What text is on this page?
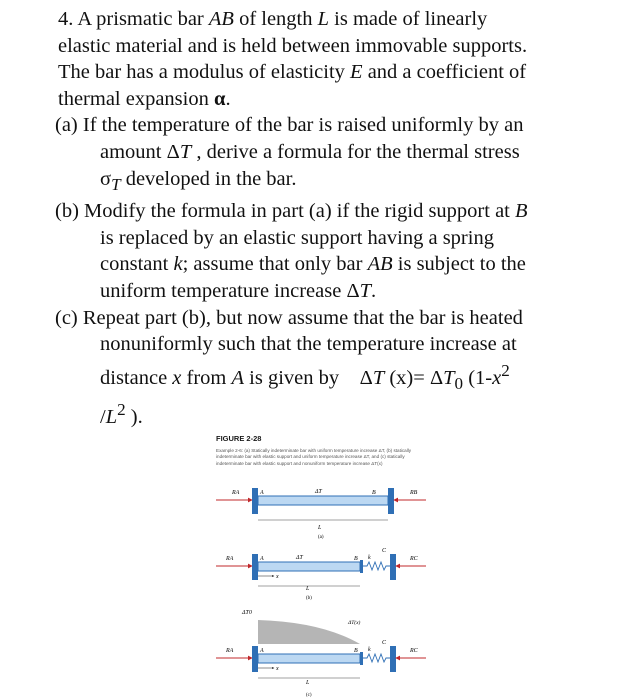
4. A prismatic bar AB of length L is made of linearly
elastic material and is held between immovable supports.
The bar has a modulus of elasticity E and a coefficient of
thermal expansion α.
(a) If the temperature of the bar is raised uniformly by an
amount ΔT , derive a formula for the thermal stress
$\sigma_T$ developed in the bar.
(b) Modify the formula in part (a) if the rigid support at B
is replaced by an elastic support having a spring
constant k; assume that only bar AB is subject to the
uniform temperature increase ΔT.
(c) Repeat part (b), but now assume that the bar is heated
nonuniformly such that the temperature increase at
distance x from A is given by    ΔT $(x)= \Delta T_0$ ($1-x^2$
$/L^2$ ).
FIGURE 2-28
Example 2-6: (a) Statically indeterminate bar with uniform temperature increase ΔT, (b) statically indeterminate bar with elastic support and uniform temperature increase ΔT, and (c) statically indeterminate bar with elastic support and nonuniform temperature increase ΔT(x)
RA	A	ΔT	B	RB
L
(a)
RA	A	ΔT	B k
C
RC
x
L
(b)
ΔT0
ΔT(x)
RA	A	B k
C
RC
x
L
(c)
